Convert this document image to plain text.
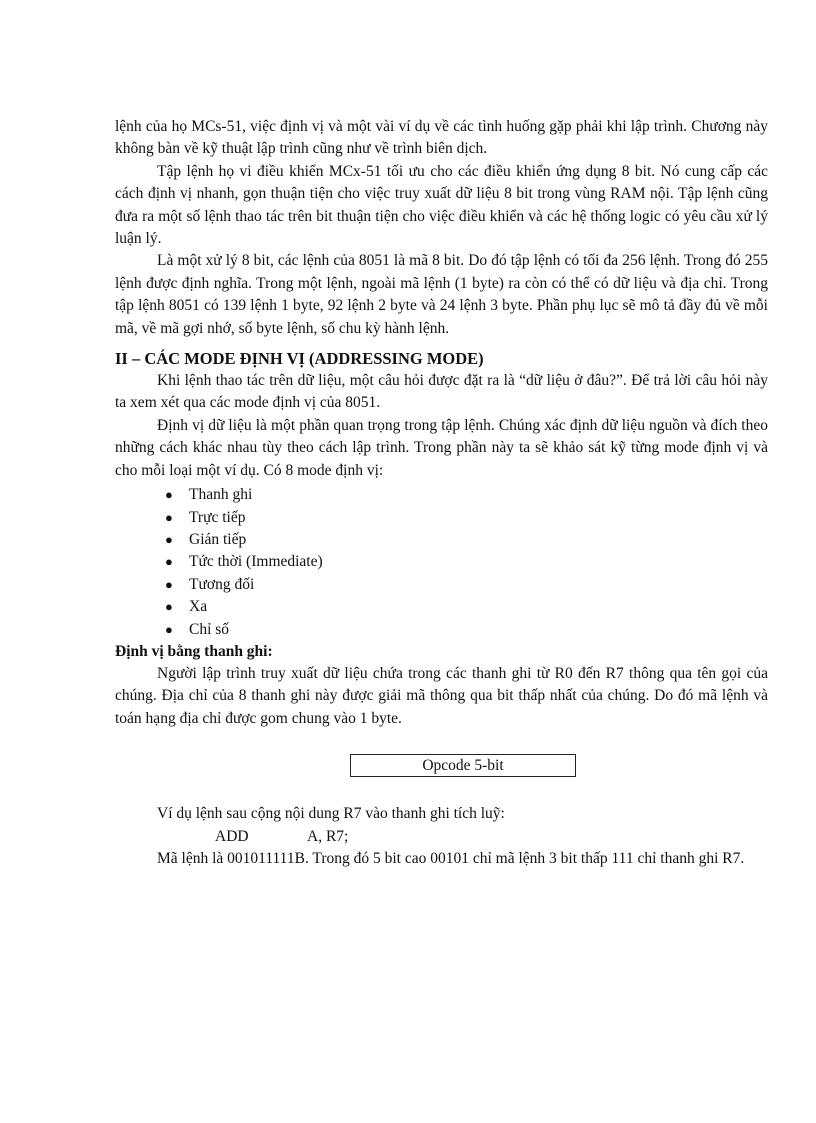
lệnh của họ MCs-51, việc định vị và một vài ví dụ về các tình huống gặp phải khi lập trình. Chương này không bàn về kỹ thuật lập trình cũng như về trình biên dịch.

Tập lệnh họ vi điều khiển MCx-51 tối ưu cho các điều khiển ứng dụng 8 bit. Nó cung cấp các cách định vị nhanh, gọn thuận tiện cho việc truy xuất dữ liệu 8 bit trong vùng RAM nội. Tập lệnh cũng đưa ra một số lệnh thao tác trên bit thuận tiện cho việc điều khiển và các hệ thống logic có yêu cầu xử lý luận lý.

Là một xử lý 8 bit, các lệnh của 8051 là mã 8 bit. Do đó tập lệnh có tối đa 256 lệnh. Trong đó 255 lệnh được định nghĩa. Trong một lệnh, ngoài mã lệnh (1 byte) ra còn có thể có dữ liệu và địa chỉ. Trong tập lệnh 8051 có 139 lệnh 1 byte, 92 lệnh 2 byte và 24 lệnh 3 byte. Phần phụ lục sẽ mô tả đầy đủ về mỗi mã, về mã gợi nhớ, số byte lệnh, số chu kỳ hành lệnh.

II – CÁC MODE ĐỊNH VỊ (ADDRESSING MODE)

Khi lệnh thao tác trên dữ liệu, một câu hỏi được đặt ra là “dữ liệu ở đâu?”. Để trả lời câu hỏi này ta xem xét qua các mode định vị của 8051.

Định vị dữ liệu là một phần quan trọng trong tập lệnh. Chúng xác định dữ liệu nguồn và đích theo những cách khác nhau tùy theo cách lập trình. Trong phần này ta sẽ khảo sát kỹ từng mode định vị và cho mỗi loại một ví dụ. Có 8 mode định vị:

● Thanh ghi
● Trực tiếp
● Gián tiếp
● Tức thời (Immediate)
● Tương đối
● Xa
● Chỉ số
Định vị bằng thanh ghi:

Người lập trình truy xuất dữ liệu chứa trong các thanh ghi từ R0 đến R7 thông qua tên gọi của chúng. Địa chỉ của 8 thanh ghi này được giải mã thông qua bit thấp nhất của chúng. Do đó mã lệnh và toán hạng địa chỉ được gom chung vào 1 byte.

Opcode 5-bit

Ví dụ lệnh sau cộng nội dung R7 vào thanh ghi tích luỹ:

ADD	A, R7;

Mã lệnh là 001011111B. Trong đó 5 bit cao 00101 chỉ mã lệnh 3 bit thấp 111 chỉ thanh ghi R7.
